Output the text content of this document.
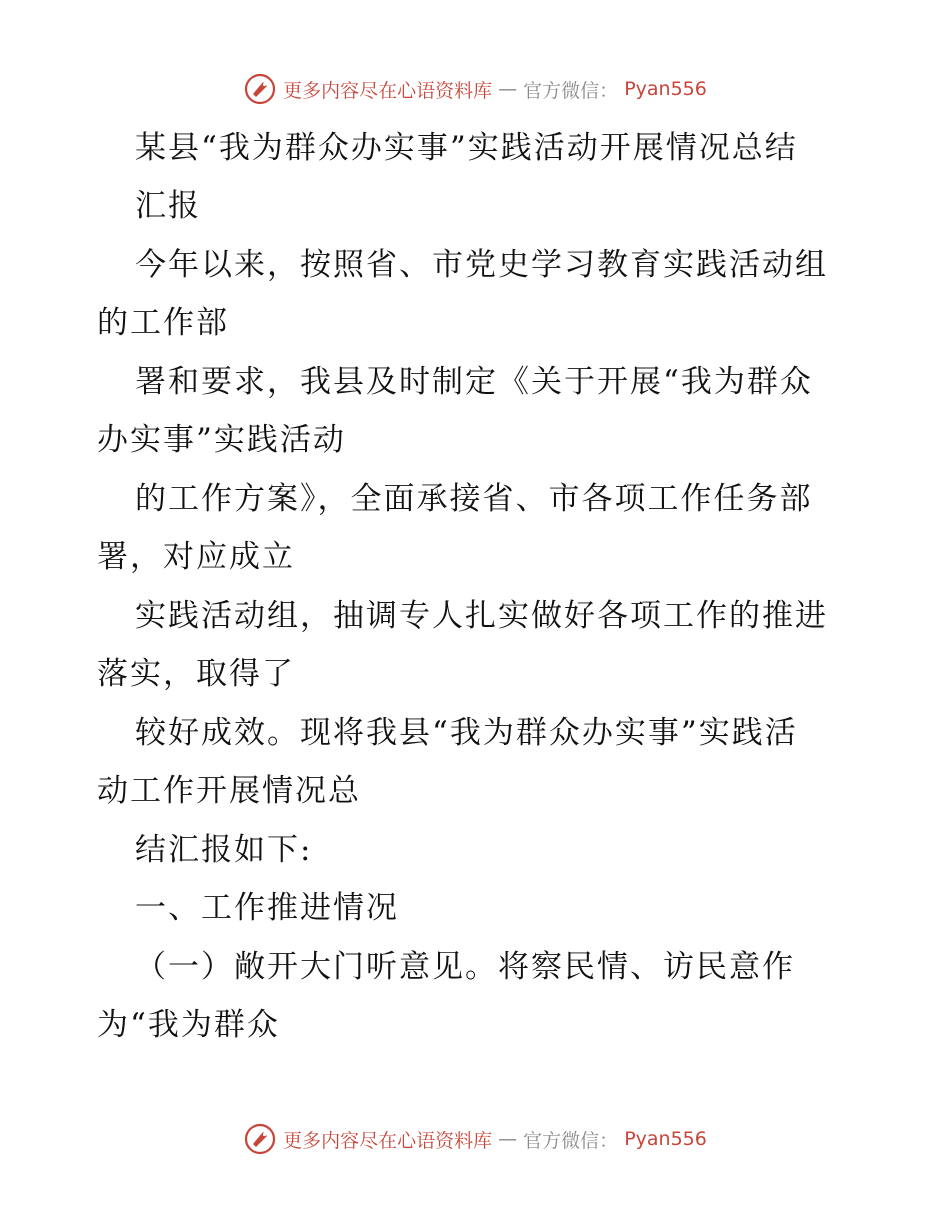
更多内容尽在心语资料库 — 官方微信： Pyan556
某县“我为群众办实事”实践活动开展情况总结
汇报
今年以来，按照省、市党史学习教育实践活动组
的工作部
署和要求，我县及时制定《关于开展“我为群众
办实事”实践活动
的工作方案》，全面承接省、市各项工作任务部
署，对应成立
实践活动组，抽调专人扎实做好各项工作的推进
落实，取得了
较好成效。现将我县“我为群众办实事”实践活
动工作开展情况总
结汇报如下:
一、工作推进情况
（一）敞开大门听意见。将察民情、访民意作
为“我为群众
更多内容尽在心语资料库 — 官方微信： Pyan556
